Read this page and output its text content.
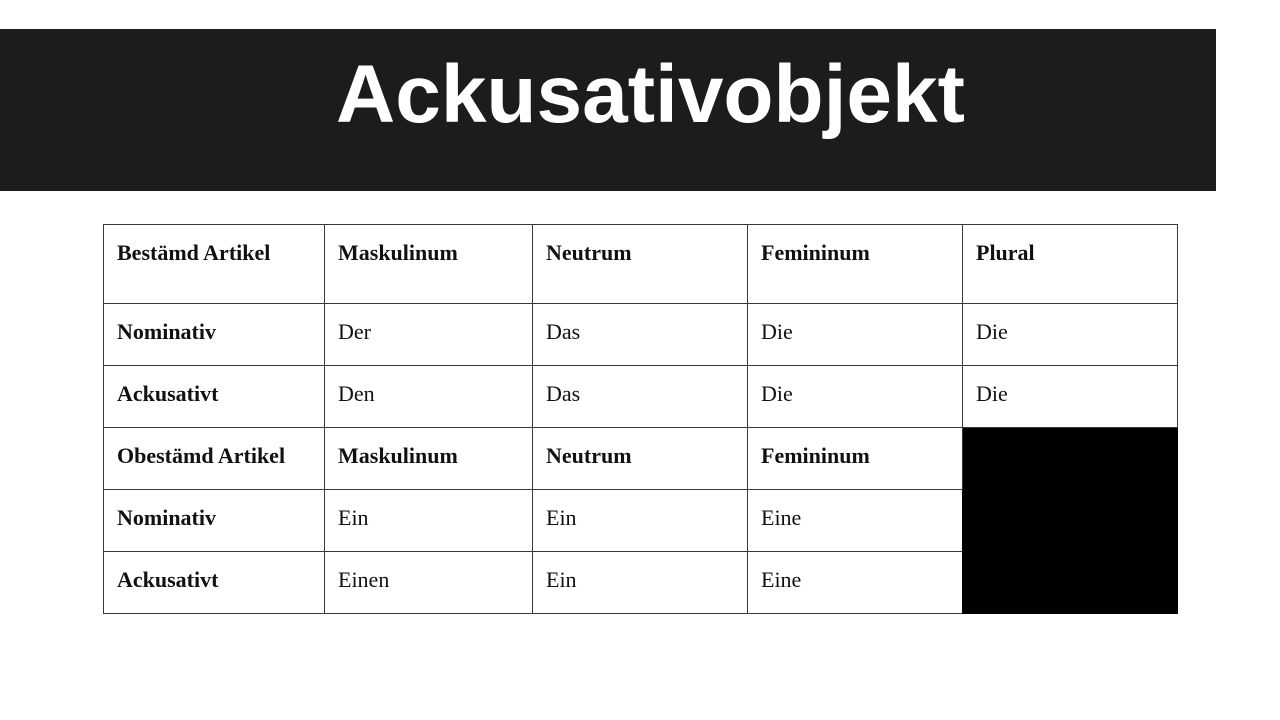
Ackusativobjekt
Bestämd Artikel	Maskulinum	Neutrum	Femininum	Plural
Nominativ	Der	Das	Die	Die
Ackusativt	Den	Das	Die	Die
Obestämd Artikel	Maskulinum	Neutrum	Femininum	
Nominativ	Ein	Ein	Eine	
Ackusativt	Einen	Ein	Eine	
